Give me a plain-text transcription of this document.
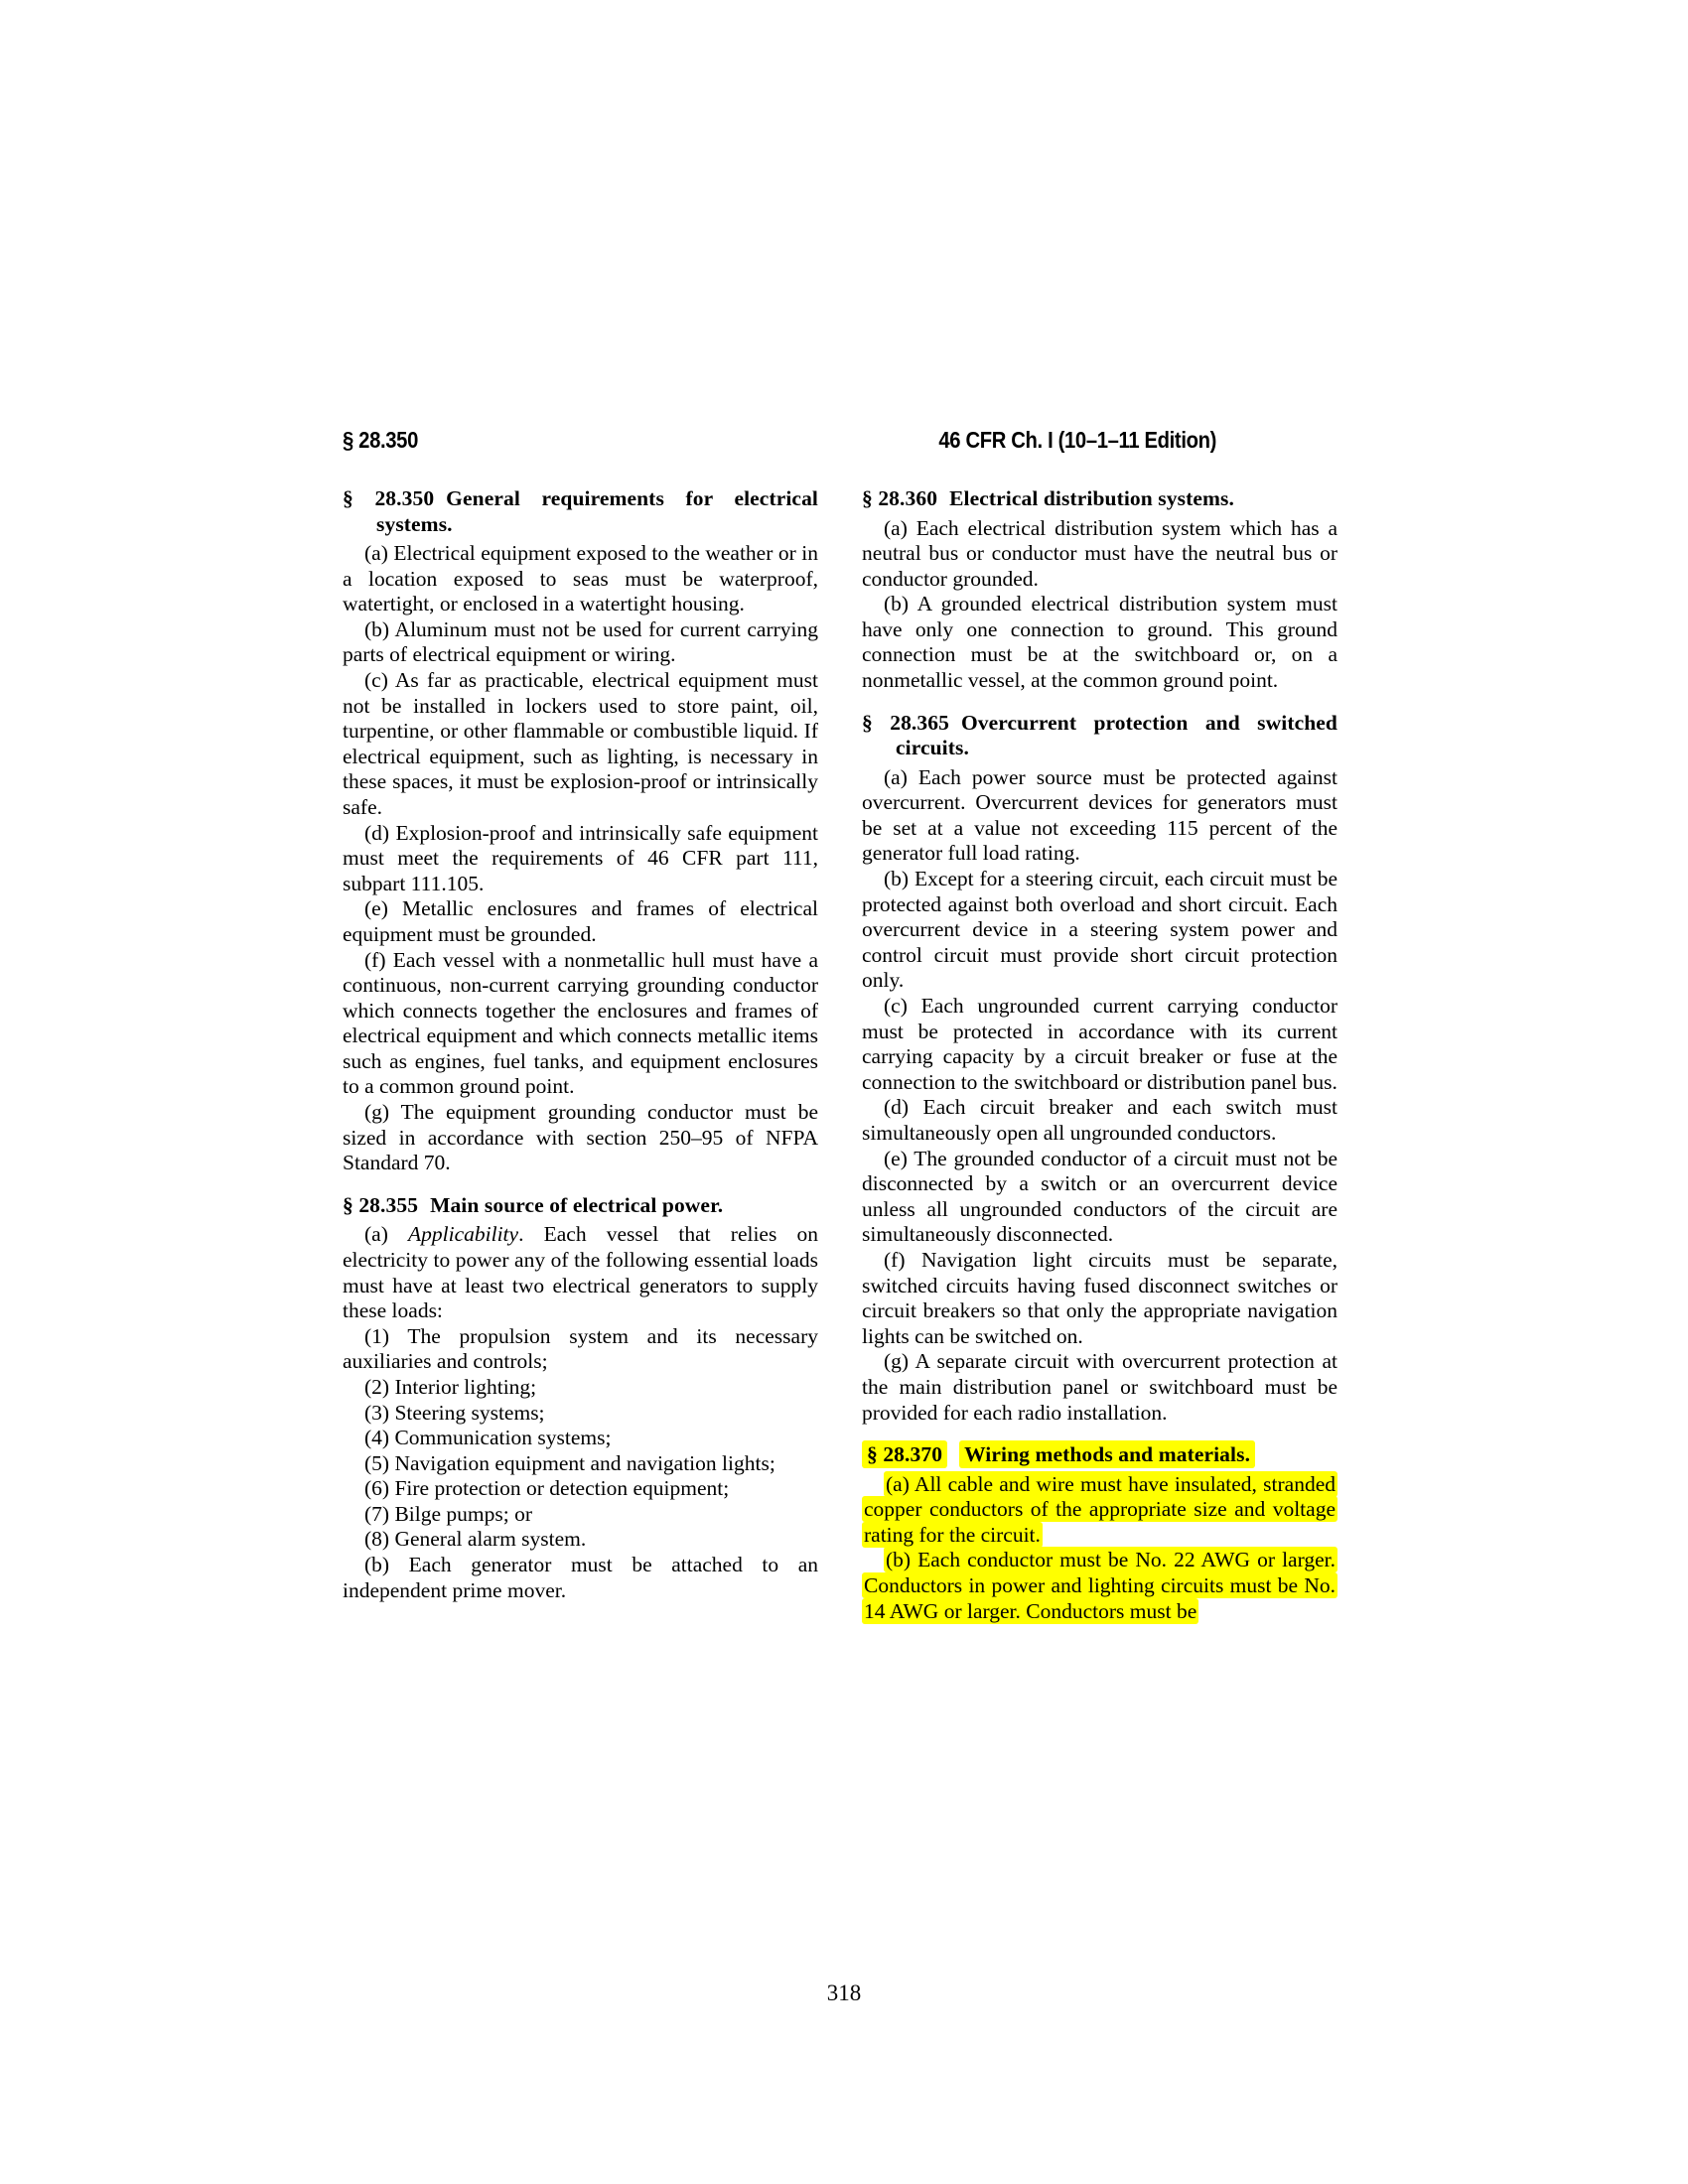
§ 28.350	46 CFR Ch. I (10–1–11 Edition)
§ 28.350 General requirements for electrical systems.

(a) Electrical equipment exposed to the weather or in a location exposed to seas must be waterproof, watertight, or enclosed in a watertight housing.

(b) Aluminum must not be used for current carrying parts of electrical equipment or wiring.

(c) As far as practicable, electrical equipment must not be installed in lockers used to store paint, oil, turpentine, or other flammable or combustible liquid. If electrical equipment, such as lighting, is necessary in these spaces, it must be explosion-proof or intrinsically safe.

(d) Explosion-proof and intrinsically safe equipment must meet the requirements of 46 CFR part 111, subpart 111.105.

(e) Metallic enclosures and frames of electrical equipment must be grounded.

(f) Each vessel with a nonmetallic hull must have a continuous, non-current carrying grounding conductor which connects together the enclosures and frames of electrical equipment and which connects metallic items such as engines, fuel tanks, and equipment enclosures to a common ground point.

(g) The equipment grounding conductor must be sized in accordance with section 250–95 of NFPA Standard 70.

§ 28.355 Main source of electrical power.

(a) Applicability. Each vessel that relies on electricity to power any of the following essential loads must have at least two electrical generators to supply these loads:

(1) The propulsion system and its necessary auxiliaries and controls;

(2) Interior lighting;

(3) Steering systems;

(4) Communication systems;

(5) Navigation equipment and navigation lights;

(6) Fire protection or detection equipment;

(7) Bilge pumps; or

(8) General alarm system.

(b) Each generator must be attached to an independent prime mover.

§ 28.360 Electrical distribution systems.

(a) Each electrical distribution system which has a neutral bus or conductor must have the neutral bus or conductor grounded.

(b) A grounded electrical distribution system must have only one connection to ground. This ground connection must be at the switchboard or, on a nonmetallic vessel, at the common ground point.

§ 28.365 Overcurrent protection and switched circuits.

(a) Each power source must be protected against overcurrent. Overcurrent devices for generators must be set at a value not exceeding 115 percent of the generator full load rating.

(b) Except for a steering circuit, each circuit must be protected against both overload and short circuit. Each overcurrent device in a steering system power and control circuit must provide short circuit protection only.

(c) Each ungrounded current carrying conductor must be protected in accordance with its current carrying capacity by a circuit breaker or fuse at the connection to the switchboard or distribution panel bus.

(d) Each circuit breaker and each switch must simultaneously open all ungrounded conductors.

(e) The grounded conductor of a circuit must not be disconnected by a switch or an overcurrent device unless all ungrounded conductors of the circuit are simultaneously disconnected.

(f) Navigation light circuits must be separate, switched circuits having fused disconnect switches or circuit breakers so that only the appropriate navigation lights can be switched on.

(g) A separate circuit with overcurrent protection at the main distribution panel or switchboard must be provided for each radio installation.

§ 28.370 Wiring methods and materials.

(a) All cable and wire must have insulated, stranded copper conductors of the appropriate size and voltage rating for the circuit.

(b) Each conductor must be No. 22 AWG or larger. Conductors in power and lighting circuits must be No. 14 AWG or larger. Conductors must be

318
